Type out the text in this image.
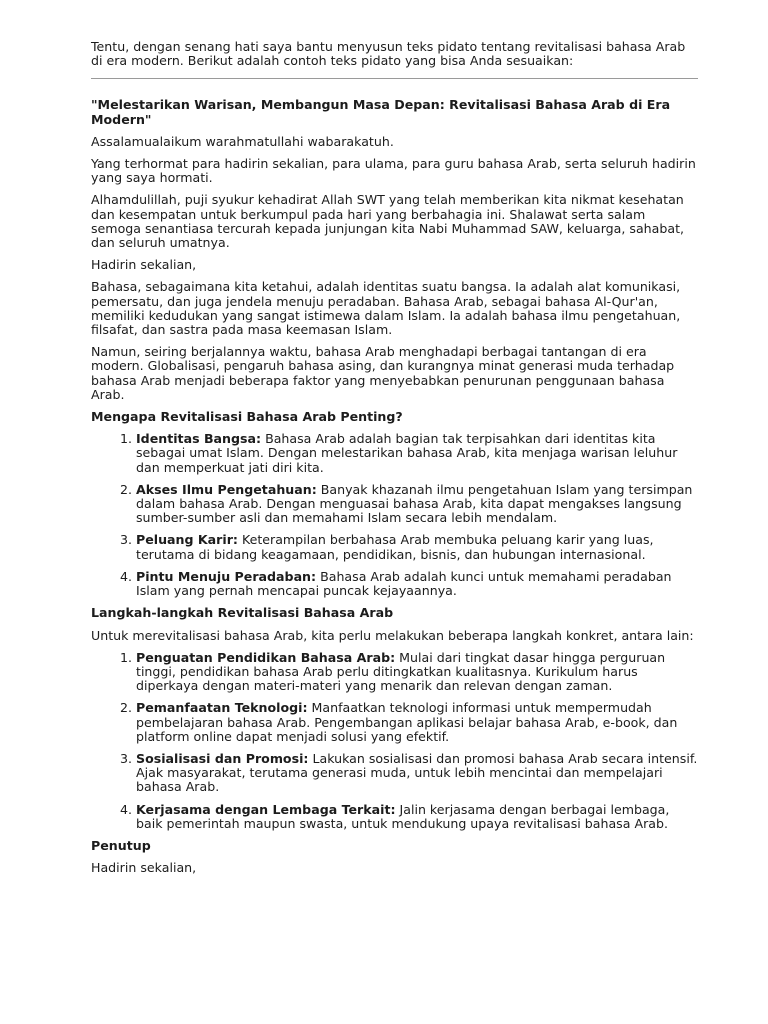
Tentu, dengan senang hati saya bantu menyusun teks pidato tentang revitalisasi bahasa Arab di era modern. Berikut adalah contoh teks pidato yang bisa Anda sesuaikan:

"Melestarikan Warisan, Membangun Masa Depan: Revitalisasi Bahasa Arab di Era Modern"

Assalamualaikum warahmatullahi wabarakatuh.

Yang terhormat para hadirin sekalian, para ulama, para guru bahasa Arab, serta seluruh hadirin yang saya hormati.

Alhamdulillah, puji syukur kehadirat Allah SWT yang telah memberikan kita nikmat kesehatan dan kesempatan untuk berkumpul pada hari yang berbahagia ini. Shalawat serta salam semoga senantiasa tercurah kepada junjungan kita Nabi Muhammad SAW, keluarga, sahabat, dan seluruh umatnya.

Hadirin sekalian,

Bahasa, sebagaimana kita ketahui, adalah identitas suatu bangsa. Ia adalah alat komunikasi, pemersatu, dan juga jendela menuju peradaban. Bahasa Arab, sebagai bahasa Al-Qur'an, memiliki kedudukan yang sangat istimewa dalam Islam. Ia adalah bahasa ilmu pengetahuan, filsafat, dan sastra pada masa keemasan Islam.

Namun, seiring berjalannya waktu, bahasa Arab menghadapi berbagai tantangan di era modern. Globalisasi, pengaruh bahasa asing, dan kurangnya minat generasi muda terhadap bahasa Arab menjadi beberapa faktor yang menyebabkan penurunan penggunaan bahasa Arab.

Mengapa Revitalisasi Bahasa Arab Penting?

1. Identitas Bangsa: Bahasa Arab adalah bagian tak terpisahkan dari identitas kita sebagai umat Islam. Dengan melestarikan bahasa Arab, kita menjaga warisan leluhur dan memperkuat jati diri kita.
2. Akses Ilmu Pengetahuan: Banyak khazanah ilmu pengetahuan Islam yang tersimpan dalam bahasa Arab. Dengan menguasai bahasa Arab, kita dapat mengakses langsung sumber-sumber asli dan memahami Islam secara lebih mendalam.
3. Peluang Karir: Keterampilan berbahasa Arab membuka peluang karir yang luas, terutama di bidang keagamaan, pendidikan, bisnis, dan hubungan internasional.
4. Pintu Menuju Peradaban: Bahasa Arab adalah kunci untuk memahami peradaban Islam yang pernah mencapai puncak kejayaannya.

Langkah-langkah Revitalisasi Bahasa Arab

Untuk merevitalisasi bahasa Arab, kita perlu melakukan beberapa langkah konkret, antara lain:

1. Penguatan Pendidikan Bahasa Arab: Mulai dari tingkat dasar hingga perguruan tinggi, pendidikan bahasa Arab perlu ditingkatkan kualitasnya. Kurikulum harus diperkaya dengan materi-materi yang menarik dan relevan dengan zaman.
2. Pemanfaatan Teknologi: Manfaatkan teknologi informasi untuk mempermudah pembelajaran bahasa Arab. Pengembangan aplikasi belajar bahasa Arab, e-book, dan platform online dapat menjadi solusi yang efektif.
3. Sosialisasi dan Promosi: Lakukan sosialisasi dan promosi bahasa Arab secara intensif. Ajak masyarakat, terutama generasi muda, untuk lebih mencintai dan mempelajari bahasa Arab.
4. Kerjasama dengan Lembaga Terkait: Jalin kerjasama dengan berbagai lembaga, baik pemerintah maupun swasta, untuk mendukung upaya revitalisasi bahasa Arab.

Penutup

Hadirin sekalian,
